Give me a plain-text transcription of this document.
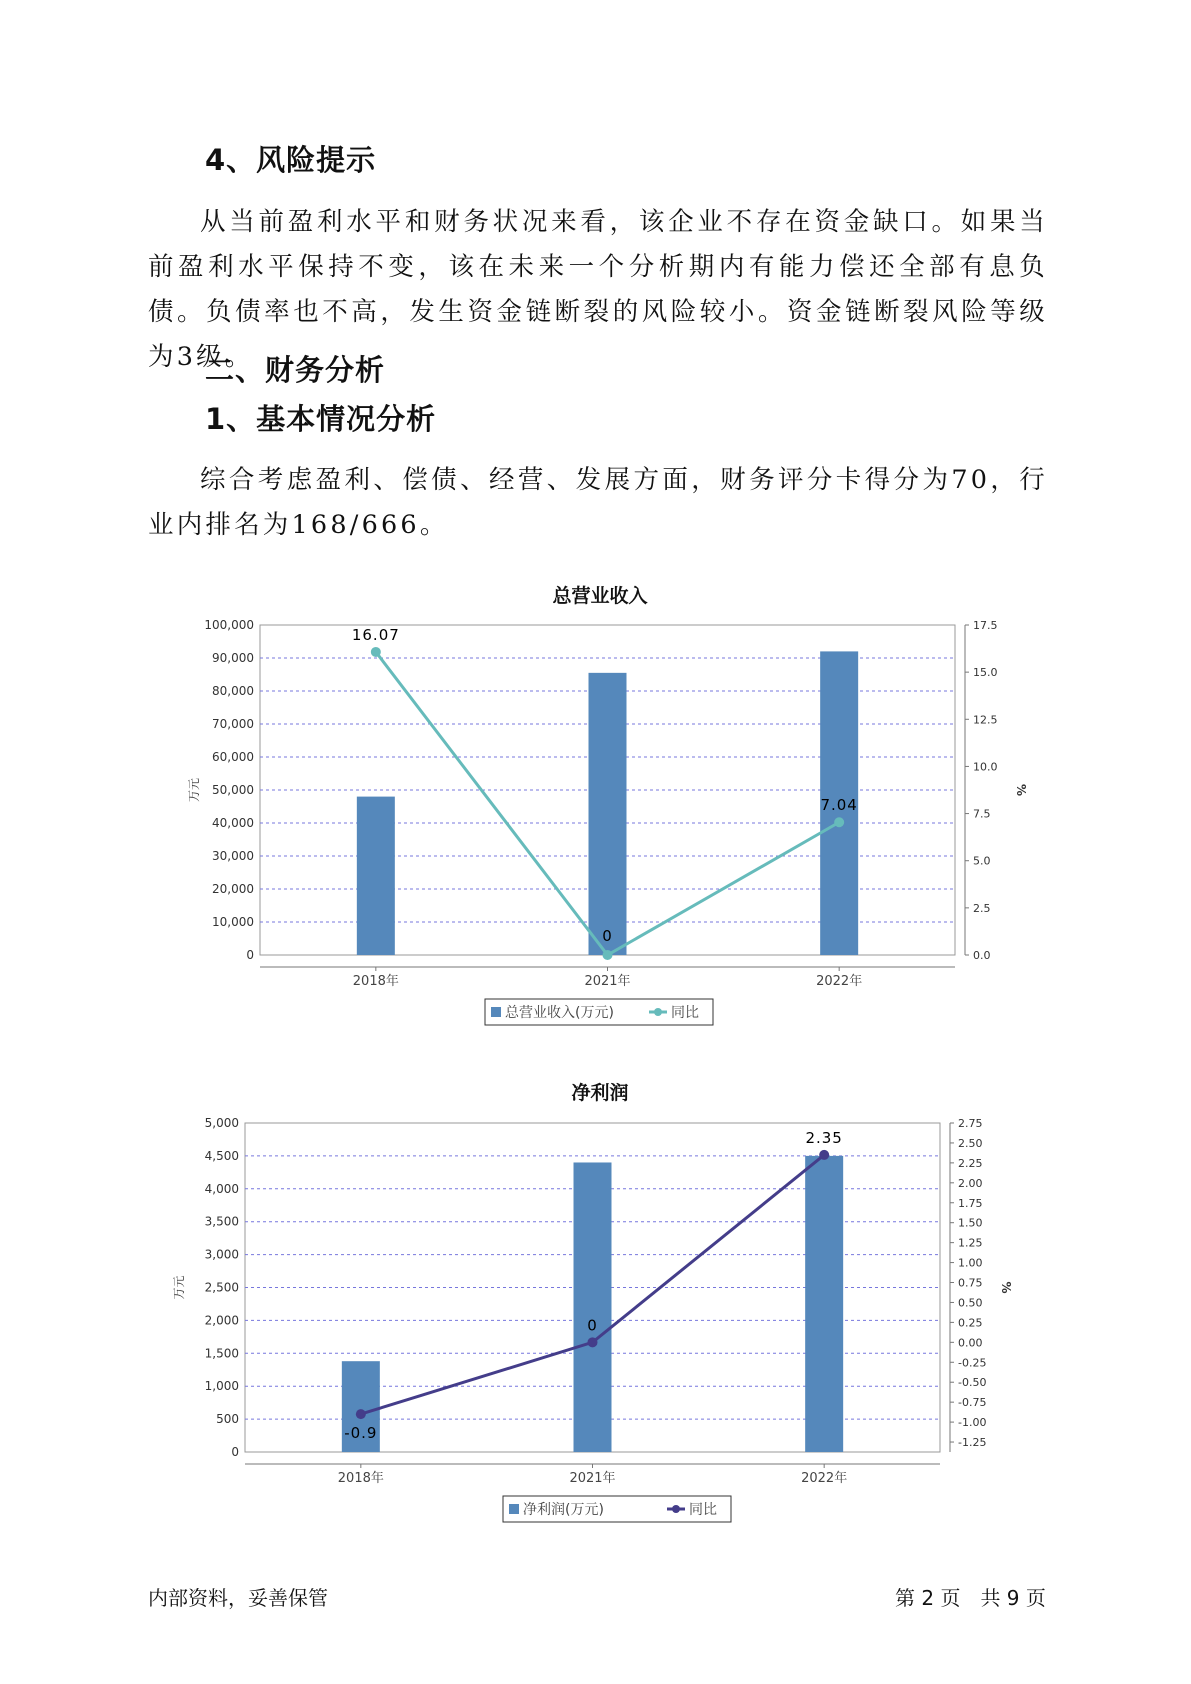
4、风险提示

从当前盈利水平和财务状况来看，该企业不存在资金缺口。如果当前盈利水平保持不变，该在未来一个分析期内有能力偿还全部有息负债。负债率也不高，发生资金链断裂的风险较小。资金链断裂风险等级为3级。

二、财务分析
1、基本情况分析

综合考虑盈利、偿债、经营、发展方面，财务评分卡得分为70，行业内排名为168/666。

总营业收入
0
10,000
20,000
30,000
40,000
50,000
60,000
70,000
80,000
90,000
100,000
0.0
2.5
5.0
7.5
10.0
12.5
15.0
17.5
万元	%
2018年	2021年	2022年
16.07
0
7.04
总营业收入(万元)	同比
净利润
0
500
1,000
1,500
2,000
2,500
3,000
3,500
4,000
4,500
5,000
-1.25
-1.00
-0.75
-0.50
-0.25
0.00
0.25
0.50
0.75
1.00
1.25
1.50
1.75
2.00
2.25
2.50
2.75
万元	%
2018年	2021年	2022年
-0.9
0
2.35
净利润(万元)	同比
内部资料，妥善保管	第 2 页　共 9 页
